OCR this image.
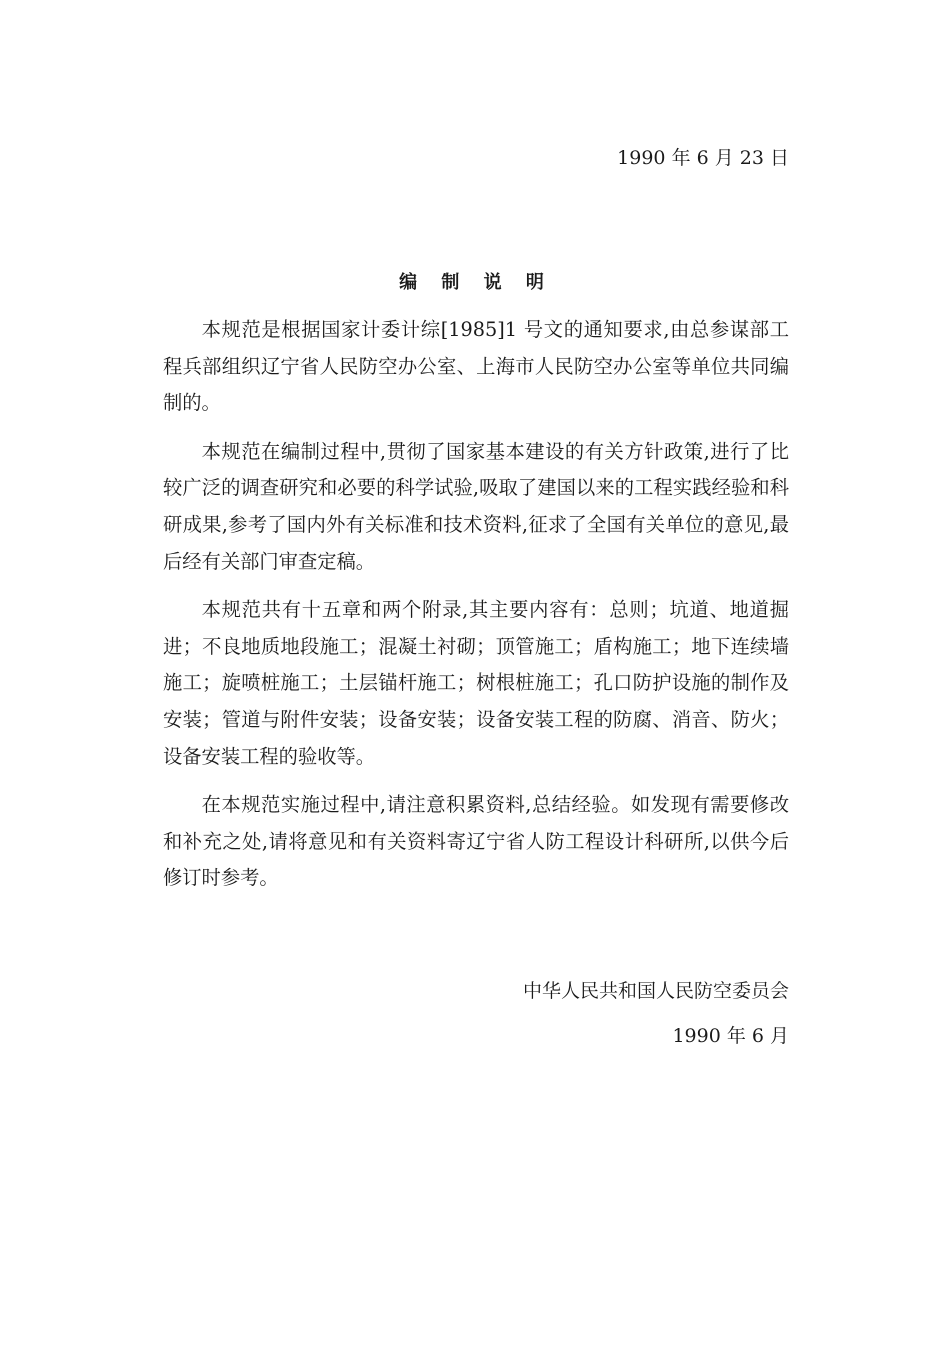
1990 年 6 月 23 日
编 制 说 明

本规范是根据国家计委计综[1985]1 号文的通知要求,由总参谋部工程兵部组织辽宁省人民防空办公室、上海市人民防空办公室等单位共同编制的。

本规范在编制过程中,贯彻了国家基本建设的有关方针政策,进行了比较广泛的调查研究和必要的科学试验,吸取了建国以来的工程实践经验和科研成果,参考了国内外有关标准和技术资料,征求了全国有关单位的意见,最后经有关部门审查定稿。

本规范共有十五章和两个附录,其主要内容有：总则；坑道、地道掘进；不良地质地段施工；混凝土衬砌；顶管施工；盾构施工；地下连续墙施工；旋喷桩施工；土层锚杆施工；树根桩施工；孔口防护设施的制作及安装；管道与附件安装；设备安装；设备安装工程的防腐、消音、防火；设备安装工程的验收等。

在本规范实施过程中,请注意积累资料,总结经验。如发现有需要修改和补充之处,请将意见和有关资料寄辽宁省人防工程设计科研所,以供今后修订时参考。

中华人民共和国人民防空委员会
1990 年 6 月
